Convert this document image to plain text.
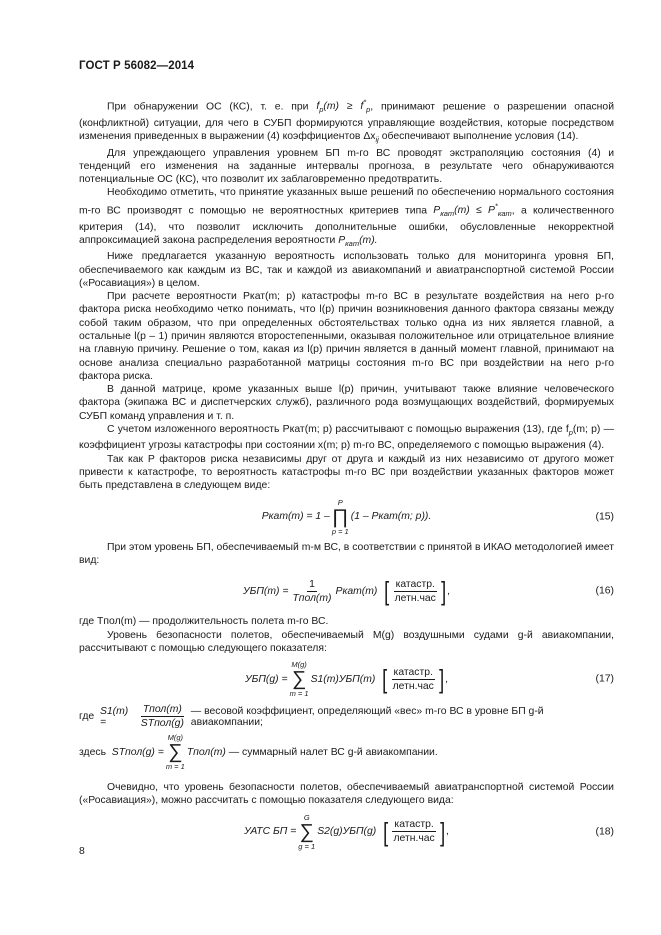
ГОСТ Р 56082—2014

При обнаружении ОС (КС), т. е. при $f_p(m) \ge f^*_p$, принимают решение о разрешении опасной (конфликтной) ситуации, для чего в СУБП формируются управляющие воздействия, которые посредством изменения приведенных в выражении (4) коэффициентов $\Delta x_{ij}$ обеспечивают выполнение условия (14).

Для упреждающего управления уровнем БП m-го ВС проводят экстраполяцию состояния (4) и тенденций его изменения на заданные интервалы прогноза, в результате чего обнаруживаются потенциальные ОС (КС), что позволит их заблаговременно предотвратить.

Необходимо отметить, что принятие указанных выше решений по обеспечению нормального состояния m-го ВС производят с помощью не вероятностных критериев типа $P_{кат}(m) \le P^*_{кат}$, а количественного критерия (14), что позволит исключить дополнительные ошибки, обусловленные некорректной аппроксимацией закона распределения вероятности $P_{кат}(m)$.

Ниже предлагается указанную вероятность использовать только для мониторинга уровня БП, обеспечиваемого как каждым из ВС, так и каждой из авиакомпаний и авиатранспортной системой России («Росавиация») в целом.

При расчете вероятности Pкат(m; p) катастрофы m-го ВС в результате воздействия на него p-го фактора риска необходимо четко понимать, что l(p) причин возникновения данного фактора связаны между собой таким образом, что при определенных обстоятельствах только одна из них является главной, а остальные l(p – 1) причин являются второстепенными, оказывая положительное или отрицательное влияние на главную причину. Решение о том, какая из l(p) причин является в данный момент главной, принимают на основе анализа специально разработанной матрицы состояния m-го ВС при воздействии на него p-го фактора риска.

В данной матрице, кроме указанных выше l(p) причин, учитывают также влияние человеческого фактора (экипажа ВС и диспетчерских служб), различного рода возмущающих воздействий, формируемых СУБП команд управления и т. п.

С учетом изложенного вероятность Pкат(m; p) рассчитывают с помощью выражения (13), где $f_p(m$; p) — коэффициент угрозы катастрофы при состоянии x(m; p) m-го ВС, определяемого с помощью выражения (4).

Так как P факторов риска независимы друг от друга и каждый из них независимо от другого может привести к катастрофе, то вероятность катастрофы m-го ВС при воздействии указанных факторов может быть представлена в следующем виде:

Pкат(m) = 1 –
P
∏
p = 1
(1 – Pкат(m; p)).	(15)

При этом уровень БП, обеспечиваемый m-м ВС, в соответствии с принятой в ИКАО методологией имеет вид:

$УБП(m) = \frac{1}{\text{Tпол(m)}}$ Pкат(m) [ $\frac{\text{катастр.}}{\text{летн.час}}$ ] ,	(16)

где Tпол(m) — продолжительность полета m-го ВС.

Уровень безопасности полетов, обеспечиваемый M(g) воздушными судами g-й авиакомпании, рассчитывают с помощью следующего показателя:

УБП(g) =
M(g)
∑
m = 1
S1(m)УБП(m) [ $\frac{\text{катастр.}}{\text{летн.час}}$ ] ,	(17)
где
S1(m) =	$\frac{\text{Tпол(m)}}{\text{STпол(g)}}$
— весовой коэффициент, определяющий «вес» m-го ВС в уровне БП g-й авиакомпании;
здесь
STпол(g) =
M(g)
∑
m = 1
Tпол(m)
— суммарный налет ВС g-й авиакомпании.

Очевидно, что уровень безопасности полетов, обеспечиваемый авиатранспортной системой России («Росавиация»), можно рассчитать с помощью показателя следующего вида:

УАТС БП =
G
∑
g = 1
S2(g)УБП(g) [ $\frac{\text{катастр.}}{\text{летн.час}}$ ] ,	(18)
8
